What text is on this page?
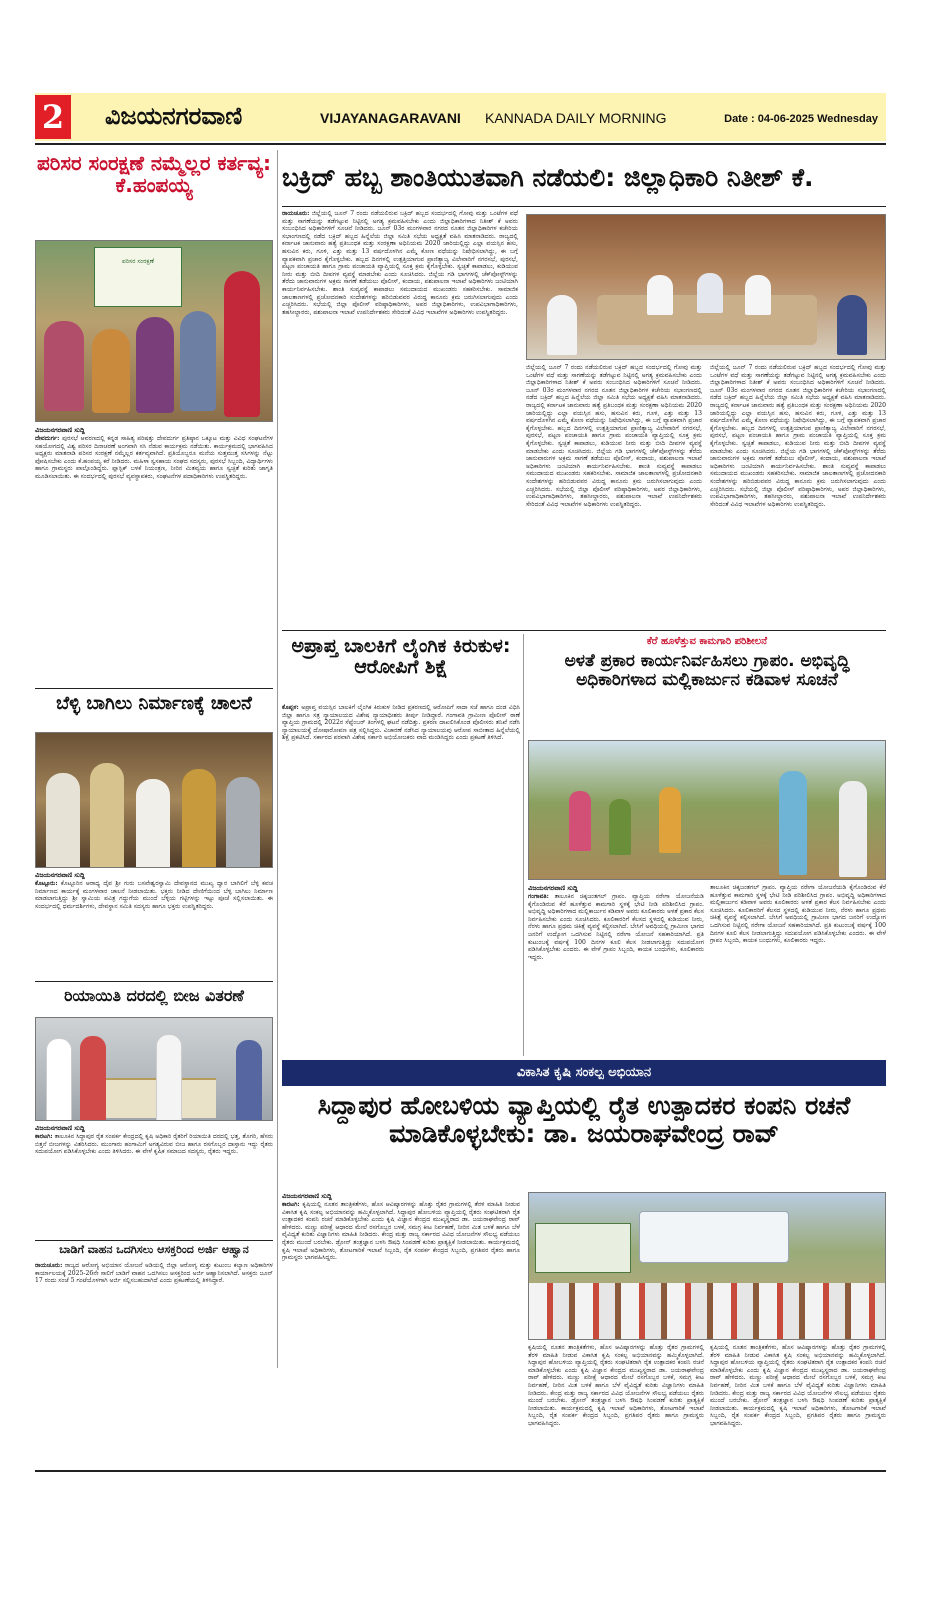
2 ವಿಜಯನಗರವಾಣಿ	VIJAYANAGARAVANI KANNADA DAILY MORNING	Date : 04-06-2025 Wednesday
ಪರಿಸರ ಸಂರಕ್ಷಣೆ ನಮ್ಮೆಲ್ಲರ ಕರ್ತವ್ಯ: ಕೆ.ಹಂಪಯ್ಯ
ಪರಿಸರ ಸಂರಕ್ಷಣೆ
ವಿಜಯನಗರವಾಣಿ ಸುದ್ದಿ
ದೇವದುರ್ಗ: ಪುರಸಭೆ ಆವರಣದಲ್ಲಿ ಕನ್ನಡ ಸಾಹಿತ್ಯ ಪರಿಷತ್ತು ದೇವದುರ್ಗ ಪ್ರತಿಷ್ಠಾನ ಒಕ್ಕೂಟ ಮತ್ತು ವಿವಿಧ ಸಂಘಟನೆಗಳ ಸಹಯೋಗದಲ್ಲಿ ವಿಶ್ವ ಪರಿಸರ ದಿನಾಚರಣೆ ಅಂಗವಾಗಿ ಸಸಿ ನೆಡುವ ಕಾರ್ಯಕ್ರಮ ನಡೆಯಿತು. ಕಾರ್ಯಕ್ರಮದಲ್ಲಿ ಭಾಗವಹಿಸಿದ ಅಧ್ಯಕ್ಷರು ಮಾತನಾಡಿ ಪರಿಸರ ಸಂರಕ್ಷಣೆ ನಮ್ಮೆಲ್ಲರ ಕರ್ತವ್ಯವಾಗಿದೆ. ಪ್ರತಿಯೊಬ್ಬರೂ ಮನೆಯ ಸುತ್ತಮುತ್ತ ಸಸಿಗಳನ್ನು ನೆಟ್ಟು ಪೋಷಿಸಬೇಕು ಎಂದು ಕೆ.ಹಂಪಯ್ಯ ಕರೆ ನೀಡಿದರು. ಮಹಿಳಾ ಸ್ವಸಹಾಯ ಸಂಘದ ಸದಸ್ಯರು, ಪುರಸಭೆ ಸಿಬ್ಬಂದಿ, ವಿದ್ಯಾರ್ಥಿಗಳು ಹಾಗೂ ಗ್ರಾಮಸ್ಥರು ಪಾಲ್ಗೊಂಡಿದ್ದರು. ಪ್ಲಾಸ್ಟಿಕ್ ಬಳಕೆ ನಿಯಂತ್ರಣ, ನೀರಿನ ಮಿತವ್ಯಯ ಹಾಗೂ ಸ್ವಚ್ಛತೆ ಕುರಿತು ಜಾಗೃತಿ ಮೂಡಿಸಲಾಯಿತು. ಈ ಸಂದರ್ಭದಲ್ಲಿ ಪುರಸಭೆ ವ್ಯವಸ್ಥಾಪಕರು, ಸಂಘಟನೆಗಳ ಪದಾಧಿಕಾರಿಗಳು ಉಪಸ್ಥಿತರಿದ್ದರು.
ಬೆಳ್ಳಿ ಬಾಗಿಲು ನಿರ್ಮಾಣಕ್ಕೆ ಚಾಲನೆ
ವಿಜಯನಗರವಾಣಿ ಸುದ್ದಿ
ಕೊಟ್ಟೂರು: ಕೊಟ್ಟೂರಿನ ಆರಾಧ್ಯ ದೈವ ಶ್ರೀ ಗುರು ಬಸವೇಶ್ವರಸ್ವಾಮಿ ದೇವಸ್ಥಾನದ ಮುಖ್ಯ ದ್ವಾರ ಬಾಗಿಲಿಗೆ ಬೆಳ್ಳಿ ಕವಚ ನಿರ್ಮಾಣದ ಕಾರ್ಯಕ್ಕೆ ಮಂಗಳವಾರ ಚಾಲನೆ ನೀಡಲಾಯಿತು. ಭಕ್ತರು ನೀಡಿದ ದೇಣಿಗೆಯಿಂದ ಬೆಳ್ಳಿ ಬಾಗಿಲು ನಿರ್ಮಾಣ ಮಾಡಲಾಗುತ್ತಿದ್ದು ಶ್ರೀ ಸ್ವಾಮಿಯ ಪವಿತ್ರ ಗದ್ದುಗೆಯ ಮುಂದೆ ಬೆಳ್ಳಿಯ ಗಟ್ಟಿಗಳನ್ನು ಇಟ್ಟು ಪೂಜೆ ಸಲ್ಲಿಸಲಾಯಿತು. ಈ ಸಂದರ್ಭದಲ್ಲಿ ಧರ್ಮದರ್ಶಿಗಳು, ದೇವಸ್ಥಾನ ಸಮಿತಿ ಸದಸ್ಯರು ಹಾಗೂ ಭಕ್ತರು ಉಪಸ್ಥಿತರಿದ್ದರು.
ರಿಯಾಯಿತಿ ದರದಲ್ಲಿ ಬೀಜ ವಿತರಣೆ
ವಿಜಯನಗರವಾಣಿ ಸುದ್ದಿ
ಕಾರಟಗಿ: ತಾಲೂಕಿನ ಸಿದ್ದಾಪುರ ರೈತ ಸಂಪರ್ಕ ಕೇಂದ್ರದಲ್ಲಿ ಕೃಷಿ ಅಧಿಕಾರಿ ರೈತರಿಗೆ ರಿಯಾಯಿತಿ ದರದಲ್ಲಿ ಭತ್ತ, ತೊಗರಿ, ಹೆಸರು ಬಿತ್ತನೆ ಬೀಜಗಳನ್ನು ವಿತರಿಸಿದರು. ಮುಂಗಾರು ಹಂಗಾಮಿಗೆ ಅಗತ್ಯವಿರುವ ಬೀಜ ಹಾಗೂ ರಸಗೊಬ್ಬರ ದಾಸ್ತಾನು ಇದ್ದು ರೈತರು ಸದುಪಯೋಗ ಪಡಿಸಿಕೊಳ್ಳಬೇಕು ಎಂದು ತಿಳಿಸಿದರು. ಈ ವೇಳೆ ಕೃಷಿಕ ಸಮಾಜದ ಸದಸ್ಯರು, ರೈತರು ಇದ್ದರು.
ಬಾಡಿಗೆ ವಾಹನ ಒದಗಿಸಲು ಆಸಕ್ತರಿಂದ ಅರ್ಜಿ ಆಹ್ವಾನ
ರಾಯಚೂರು: ರಾಜ್ಯದ ಆರೋಗ್ಯ ಅಭಿಯಾನ ಯೋಜನೆ ಅಡಿಯಲ್ಲಿ ಜಿಲ್ಲಾ ಆರೋಗ್ಯ ಮತ್ತು ಕುಟುಂಬ ಕಲ್ಯಾಣ ಅಧಿಕಾರಿಗಳ ಕಾರ್ಯಾಲಯಕ್ಕೆ 2025-26ನೇ ಸಾಲಿಗೆ ಬಾಡಿಗೆ ವಾಹನ ಒದಗಿಸಲು ಆಸಕ್ತರಿಂದ ಅರ್ಜಿ ಆಹ್ವಾನಿಸಲಾಗಿದೆ. ಆಸಕ್ತರು ಜೂನ್ 17 ರಂದು ಸಂಜೆ 5 ಗಂಟೆಯೊಳಗಾಗಿ ಅರ್ಜಿ ಸಲ್ಲಿಸಬಹುದಾಗಿದೆ ಎಂದು ಪ್ರಕಟಣೆಯಲ್ಲಿ ತಿಳಿಸಿದ್ದಾರೆ.
ಬಕ್ರಿದ್ ಹಬ್ಬ ಶಾಂತಿಯುತವಾಗಿ ನಡೆಯಲಿ: ಜಿಲ್ಲಾಧಿಕಾರಿ ನಿತೀಶ್ ಕೆ.
ರಾಯಚೂರು: ಜಿಲ್ಲೆಯಲ್ಲಿ ಜೂನ್ 7 ರಂದು ನಡೆಯಲಿರುವ ಬಕ್ರಿದ್ ಹಬ್ಬದ ಸಂದರ್ಭದಲ್ಲಿ ಗೋವು ಮತ್ತು ಒಂಟೆಗಳ ವಧೆ ಮತ್ತು ಸಾಗಣೆಯನ್ನು ತಡೆಗಟ್ಟುವ ನಿಟ್ಟಿನಲ್ಲಿ ಅಗತ್ಯ ಕ್ರಮವಹಿಸಬೇಕು ಎಂದು ಜಿಲ್ಲಾಧಿಕಾರಿಗಳಾದ ನಿತೀಶ್ ಕೆ ಅವರು ಸಂಬಂಧಿಸಿದ ಅಧಿಕಾರಿಗಳಿಗೆ ಸೂಚನೆ ನೀಡಿದರು. ಜೂನ್ 03ರ ಮಂಗಳವಾರ ನಗರದ ನೂತನ ಜಿಲ್ಲಾಧಿಕಾರಿಗಳ ಕಚೇರಿಯ ಸಭಾಂಗಣದಲ್ಲಿ ನಡೆದ ಬಕ್ರಿದ್ ಹಬ್ಬದ ಹಿನ್ನೆಲೆಯ ಜಿಲ್ಲಾ ಸಮಿತಿ ಸಭೆಯ ಅಧ್ಯಕ್ಷತೆ ವಹಿಸಿ ಮಾತನಾಡಿದರು. ರಾಜ್ಯದಲ್ಲಿ ಕರ್ನಾಟಕ ಜಾನುವಾರು ಹತ್ಯೆ ಪ್ರತಿಬಂಧಕ ಮತ್ತು ಸಂರಕ್ಷಣಾ ಅಧಿನಿಯಮ 2020 ಜಾರಿಯಲ್ಲಿದ್ದು ಎಲ್ಲಾ ವಯಸ್ಸಿನ ಹಸು, ಹಸುವಿನ ಕರು, ಗೂಳಿ, ಎತ್ತು ಮತ್ತು 13 ವರ್ಷದೊಳಗಿನ ಎಮ್ಮೆ ಕೋಣ ವಧೆಯನ್ನು ನಿಷೇಧಿಸಲಾಗಿದ್ದು, ಈ ಬಗ್ಗೆ ವ್ಯಾಪಕವಾಗಿ ಪ್ರಚಾರ ಕೈಗೊಳ್ಳಬೇಕು. ಹಬ್ಬದ ದಿನಗಳಲ್ಲಿ ಉತ್ಪತ್ತಿಯಾಗುವ ಪ್ರಾಣಿತ್ಯಾಜ್ಯ ವಿಲೇವಾರಿಗೆ ನಗರಸಭೆ, ಪುರಸಭೆ, ಪಟ್ಟಣ ಪಂಚಾಯತಿ ಹಾಗೂ ಗ್ರಾಮ ಪಂಚಾಯತಿ ವ್ಯಾಪ್ತಿಯಲ್ಲಿ ಸೂಕ್ತ ಕ್ರಮ ಕೈಗೊಳ್ಳಬೇಕು. ಸ್ವಚ್ಛತೆ ಕಾಪಾಡಲು, ಕುಡಿಯುವ ನೀರು ಮತ್ತು ಬೀದಿ ದೀಪಗಳ ವ್ಯವಸ್ಥೆ ಮಾಡಬೇಕು ಎಂದು ಸೂಚಿಸಿದರು. ಜಿಲ್ಲೆಯ ಗಡಿ ಭಾಗಗಳಲ್ಲಿ ಚೆಕ್‌ಪೋಸ್ಟ್‌ಗಳನ್ನು ತೆರೆದು ಜಾನುವಾರುಗಳ ಅಕ್ರಮ ಸಾಗಣೆ ತಡೆಯಲು ಪೊಲೀಸ್, ಕಂದಾಯ, ಪಶುಪಾಲನಾ ಇಲಾಖೆ ಅಧಿಕಾರಿಗಳು ಜಂಟಿಯಾಗಿ ಕಾರ್ಯನಿರ್ವಹಿಸಬೇಕು. ಶಾಂತಿ ಸುವ್ಯವಸ್ಥೆ ಕಾಪಾಡಲು ಸಮುದಾಯದ ಮುಖಂಡರು ಸಹಕರಿಸಬೇಕು. ಸಾಮಾಜಿಕ ಜಾಲತಾಣಗಳಲ್ಲಿ ಪ್ರಚೋದನಕಾರಿ ಸಂದೇಶಗಳನ್ನು ಹರಿಬಿಡುವವರ ವಿರುದ್ಧ ಕಾನೂನು ಕ್ರಮ ಜರುಗಿಸಲಾಗುವುದು ಎಂದು ಎಚ್ಚರಿಸಿದರು. ಸಭೆಯಲ್ಲಿ ಜಿಲ್ಲಾ ಪೊಲೀಸ್ ವರಿಷ್ಠಾಧಿಕಾರಿಗಳು, ಅಪರ ಜಿಲ್ಲಾಧಿಕಾರಿಗಳು, ಉಪವಿಭಾಗಾಧಿಕಾರಿಗಳು, ತಹಸೀಲ್ದಾರರು, ಪಶುಪಾಲನಾ ಇಲಾಖೆ ಉಪನಿರ್ದೇಶಕರು ಸೇರಿದಂತೆ ವಿವಿಧ ಇಲಾಖೆಗಳ ಅಧಿಕಾರಿಗಳು ಉಪಸ್ಥಿತರಿದ್ದರು.
ಜಿಲ್ಲೆಯಲ್ಲಿ ಜೂನ್ 7 ರಂದು ನಡೆಯಲಿರುವ ಬಕ್ರಿದ್ ಹಬ್ಬದ ಸಂದರ್ಭದಲ್ಲಿ ಗೋವು ಮತ್ತು ಒಂಟೆಗಳ ವಧೆ ಮತ್ತು ಸಾಗಣೆಯನ್ನು ತಡೆಗಟ್ಟುವ ನಿಟ್ಟಿನಲ್ಲಿ ಅಗತ್ಯ ಕ್ರಮವಹಿಸಬೇಕು ಎಂದು ಜಿಲ್ಲಾಧಿಕಾರಿಗಳಾದ ನಿತೀಶ್ ಕೆ ಅವರು ಸಂಬಂಧಿಸಿದ ಅಧಿಕಾರಿಗಳಿಗೆ ಸೂಚನೆ ನೀಡಿದರು. ಜೂನ್ 03ರ ಮಂಗಳವಾರ ನಗರದ ನೂತನ ಜಿಲ್ಲಾಧಿಕಾರಿಗಳ ಕಚೇರಿಯ ಸಭಾಂಗಣದಲ್ಲಿ ನಡೆದ ಬಕ್ರಿದ್ ಹಬ್ಬದ ಹಿನ್ನೆಲೆಯ ಜಿಲ್ಲಾ ಸಮಿತಿ ಸಭೆಯ ಅಧ್ಯಕ್ಷತೆ ವಹಿಸಿ ಮಾತನಾಡಿದರು. ರಾಜ್ಯದಲ್ಲಿ ಕರ್ನಾಟಕ ಜಾನುವಾರು ಹತ್ಯೆ ಪ್ರತಿಬಂಧಕ ಮತ್ತು ಸಂರಕ್ಷಣಾ ಅಧಿನಿಯಮ 2020 ಜಾರಿಯಲ್ಲಿದ್ದು ಎಲ್ಲಾ ವಯಸ್ಸಿನ ಹಸು, ಹಸುವಿನ ಕರು, ಗೂಳಿ, ಎತ್ತು ಮತ್ತು 13 ವರ್ಷದೊಳಗಿನ ಎಮ್ಮೆ ಕೋಣ ವಧೆಯನ್ನು ನಿಷೇಧಿಸಲಾಗಿದ್ದು, ಈ ಬಗ್ಗೆ ವ್ಯಾಪಕವಾಗಿ ಪ್ರಚಾರ ಕೈಗೊಳ್ಳಬೇಕು. ಹಬ್ಬದ ದಿನಗಳಲ್ಲಿ ಉತ್ಪತ್ತಿಯಾಗುವ ಪ್ರಾಣಿತ್ಯಾಜ್ಯ ವಿಲೇವಾರಿಗೆ ನಗರಸಭೆ, ಪುರಸಭೆ, ಪಟ್ಟಣ ಪಂಚಾಯತಿ ಹಾಗೂ ಗ್ರಾಮ ಪಂಚಾಯತಿ ವ್ಯಾಪ್ತಿಯಲ್ಲಿ ಸೂಕ್ತ ಕ್ರಮ ಕೈಗೊಳ್ಳಬೇಕು. ಸ್ವಚ್ಛತೆ ಕಾಪಾಡಲು, ಕುಡಿಯುವ ನೀರು ಮತ್ತು ಬೀದಿ ದೀಪಗಳ ವ್ಯವಸ್ಥೆ ಮಾಡಬೇಕು ಎಂದು ಸೂಚಿಸಿದರು. ಜಿಲ್ಲೆಯ ಗಡಿ ಭಾಗಗಳಲ್ಲಿ ಚೆಕ್‌ಪೋಸ್ಟ್‌ಗಳನ್ನು ತೆರೆದು ಜಾನುವಾರುಗಳ ಅಕ್ರಮ ಸಾಗಣೆ ತಡೆಯಲು ಪೊಲೀಸ್, ಕಂದಾಯ, ಪಶುಪಾಲನಾ ಇಲಾಖೆ ಅಧಿಕಾರಿಗಳು ಜಂಟಿಯಾಗಿ ಕಾರ್ಯನಿರ್ವಹಿಸಬೇಕು. ಶಾಂತಿ ಸುವ್ಯವಸ್ಥೆ ಕಾಪಾಡಲು ಸಮುದಾಯದ ಮುಖಂಡರು ಸಹಕರಿಸಬೇಕು. ಸಾಮಾಜಿಕ ಜಾಲತಾಣಗಳಲ್ಲಿ ಪ್ರಚೋದನಕಾರಿ ಸಂದೇಶಗಳನ್ನು ಹರಿಬಿಡುವವರ ವಿರುದ್ಧ ಕಾನೂನು ಕ್ರಮ ಜರುಗಿಸಲಾಗುವುದು ಎಂದು ಎಚ್ಚರಿಸಿದರು. ಸಭೆಯಲ್ಲಿ ಜಿಲ್ಲಾ ಪೊಲೀಸ್ ವರಿಷ್ಠಾಧಿಕಾರಿಗಳು, ಅಪರ ಜಿಲ್ಲಾಧಿಕಾರಿಗಳು, ಉಪವಿಭಾಗಾಧಿಕಾರಿಗಳು, ತಹಸೀಲ್ದಾರರು, ಪಶುಪಾಲನಾ ಇಲಾಖೆ ಉಪನಿರ್ದೇಶಕರು ಸೇರಿದಂತೆ ವಿವಿಧ ಇಲಾಖೆಗಳ ಅಧಿಕಾರಿಗಳು ಉಪಸ್ಥಿತರಿದ್ದರು.
ಜಿಲ್ಲೆಯಲ್ಲಿ ಜೂನ್ 7 ರಂದು ನಡೆಯಲಿರುವ ಬಕ್ರಿದ್ ಹಬ್ಬದ ಸಂದರ್ಭದಲ್ಲಿ ಗೋವು ಮತ್ತು ಒಂಟೆಗಳ ವಧೆ ಮತ್ತು ಸಾಗಣೆಯನ್ನು ತಡೆಗಟ್ಟುವ ನಿಟ್ಟಿನಲ್ಲಿ ಅಗತ್ಯ ಕ್ರಮವಹಿಸಬೇಕು ಎಂದು ಜಿಲ್ಲಾಧಿಕಾರಿಗಳಾದ ನಿತೀಶ್ ಕೆ ಅವರು ಸಂಬಂಧಿಸಿದ ಅಧಿಕಾರಿಗಳಿಗೆ ಸೂಚನೆ ನೀಡಿದರು. ಜೂನ್ 03ರ ಮಂಗಳವಾರ ನಗರದ ನೂತನ ಜಿಲ್ಲಾಧಿಕಾರಿಗಳ ಕಚೇರಿಯ ಸಭಾಂಗಣದಲ್ಲಿ ನಡೆದ ಬಕ್ರಿದ್ ಹಬ್ಬದ ಹಿನ್ನೆಲೆಯ ಜಿಲ್ಲಾ ಸಮಿತಿ ಸಭೆಯ ಅಧ್ಯಕ್ಷತೆ ವಹಿಸಿ ಮಾತನಾಡಿದರು. ರಾಜ್ಯದಲ್ಲಿ ಕರ್ನಾಟಕ ಜಾನುವಾರು ಹತ್ಯೆ ಪ್ರತಿಬಂಧಕ ಮತ್ತು ಸಂರಕ್ಷಣಾ ಅಧಿನಿಯಮ 2020 ಜಾರಿಯಲ್ಲಿದ್ದು ಎಲ್ಲಾ ವಯಸ್ಸಿನ ಹಸು, ಹಸುವಿನ ಕರು, ಗೂಳಿ, ಎತ್ತು ಮತ್ತು 13 ವರ್ಷದೊಳಗಿನ ಎಮ್ಮೆ ಕೋಣ ವಧೆಯನ್ನು ನಿಷೇಧಿಸಲಾಗಿದ್ದು, ಈ ಬಗ್ಗೆ ವ್ಯಾಪಕವಾಗಿ ಪ್ರಚಾರ ಕೈಗೊಳ್ಳಬೇಕು. ಹಬ್ಬದ ದಿನಗಳಲ್ಲಿ ಉತ್ಪತ್ತಿಯಾಗುವ ಪ್ರಾಣಿತ್ಯಾಜ್ಯ ವಿಲೇವಾರಿಗೆ ನಗರಸಭೆ, ಪುರಸಭೆ, ಪಟ್ಟಣ ಪಂಚಾಯತಿ ಹಾಗೂ ಗ್ರಾಮ ಪಂಚಾಯತಿ ವ್ಯಾಪ್ತಿಯಲ್ಲಿ ಸೂಕ್ತ ಕ್ರಮ ಕೈಗೊಳ್ಳಬೇಕು. ಸ್ವಚ್ಛತೆ ಕಾಪಾಡಲು, ಕುಡಿಯುವ ನೀರು ಮತ್ತು ಬೀದಿ ದೀಪಗಳ ವ್ಯವಸ್ಥೆ ಮಾಡಬೇಕು ಎಂದು ಸೂಚಿಸಿದರು. ಜಿಲ್ಲೆಯ ಗಡಿ ಭಾಗಗಳಲ್ಲಿ ಚೆಕ್‌ಪೋಸ್ಟ್‌ಗಳನ್ನು ತೆರೆದು ಜಾನುವಾರುಗಳ ಅಕ್ರಮ ಸಾಗಣೆ ತಡೆಯಲು ಪೊಲೀಸ್, ಕಂದಾಯ, ಪಶುಪಾಲನಾ ಇಲಾಖೆ ಅಧಿಕಾರಿಗಳು ಜಂಟಿಯಾಗಿ ಕಾರ್ಯನಿರ್ವಹಿಸಬೇಕು. ಶಾಂತಿ ಸುವ್ಯವಸ್ಥೆ ಕಾಪಾಡಲು ಸಮುದಾಯದ ಮುಖಂಡರು ಸಹಕರಿಸಬೇಕು. ಸಾಮಾಜಿಕ ಜಾಲತಾಣಗಳಲ್ಲಿ ಪ್ರಚೋದನಕಾರಿ ಸಂದೇಶಗಳನ್ನು ಹರಿಬಿಡುವವರ ವಿರುದ್ಧ ಕಾನೂನು ಕ್ರಮ ಜರುಗಿಸಲಾಗುವುದು ಎಂದು ಎಚ್ಚರಿಸಿದರು. ಸಭೆಯಲ್ಲಿ ಜಿಲ್ಲಾ ಪೊಲೀಸ್ ವರಿಷ್ಠಾಧಿಕಾರಿಗಳು, ಅಪರ ಜಿಲ್ಲಾಧಿಕಾರಿಗಳು, ಉಪವಿಭಾಗಾಧಿಕಾರಿಗಳು, ತಹಸೀಲ್ದಾರರು, ಪಶುಪಾಲನಾ ಇಲಾಖೆ ಉಪನಿರ್ದೇಶಕರು ಸೇರಿದಂತೆ ವಿವಿಧ ಇಲಾಖೆಗಳ ಅಧಿಕಾರಿಗಳು ಉಪಸ್ಥಿತರಿದ್ದರು.
ಅಪ್ರಾಪ್ತ ಬಾಲಕಿಗೆ ಲೈಂಗಿಕ ಕಿರುಕುಳ: ಆರೋಪಿಗೆ ಶಿಕ್ಷೆ
ಕೊಪ್ಪಳ: ಅಪ್ರಾಪ್ತ ವಯಸ್ಸಿನ ಬಾಲಕಿಗೆ ಲೈಂಗಿಕ ಕಿರುಕುಳ ನೀಡಿದ ಪ್ರಕರಣದಲ್ಲಿ ಆರೋಪಿಗೆ ಸಾದಾ ಸಜೆ ಹಾಗೂ ದಂಡ ವಿಧಿಸಿ ಜಿಲ್ಲಾ ಹಾಗೂ ಸತ್ರ ನ್ಯಾಯಾಲಯದ ವಿಶೇಷ ನ್ಯಾಯಾಧೀಶರು ತೀರ್ಪು ನೀಡಿದ್ದಾರೆ. ಗಂಗಾವತಿ ಗ್ರಾಮೀಣ ಪೊಲೀಸ್ ಠಾಣೆ ವ್ಯಾಪ್ತಿಯ ಗ್ರಾಮದಲ್ಲಿ 2022ರ ಸೆಪ್ಟೆಂಬರ್ ತಿಂಗಳಲ್ಲಿ ಘಟನೆ ನಡೆದಿತ್ತು. ಪ್ರಕರಣ ದಾಖಲಿಸಿಕೊಂಡ ಪೊಲೀಸರು ತನಿಖೆ ನಡೆಸಿ ನ್ಯಾಯಾಲಯಕ್ಕೆ ದೋಷಾರೋಪಣ ಪತ್ರ ಸಲ್ಲಿಸಿದ್ದರು. ವಿಚಾರಣೆ ನಡೆಸಿದ ನ್ಯಾಯಾಲಯವು ಆರೋಪ ಸಾಬೀತಾದ ಹಿನ್ನೆಲೆಯಲ್ಲಿ ಶಿಕ್ಷೆ ಪ್ರಕಟಿಸಿದೆ. ಸರ್ಕಾರದ ಪರವಾಗಿ ವಿಶೇಷ ಸರ್ಕಾರಿ ಅಭಿಯೋಜಕರು ವಾದ ಮಂಡಿಸಿದ್ದರು ಎಂದು ಪ್ರಕಟಣೆ ತಿಳಿಸಿದೆ.
ಕೆರೆ ಹೂಳೆತ್ತುವ ಕಾಮಗಾರಿ ಪರಿಶೀಲನೆ
ಅಳತೆ ಪ್ರಕಾರ ಕಾರ್ಯನಿರ್ವಹಿಸಲು ಗ್ರಾಪಂ. ಅಭಿವೃದ್ಧಿ ಅಧಿಕಾರಿಗಳಾದ ಮಲ್ಲಿಕಾರ್ಜುನ ಕಡಿವಾಳ ಸೂಚನೆ
ವಿಜಯನಗರವಾಣಿ ಸುದ್ದಿ
ಗಂಗಾವತಿ: ತಾಲೂಕಿನ ಚಿಕ್ಕಜಂತಗಲ್ ಗ್ರಾಪಂ. ವ್ಯಾಪ್ತಿಯ ನರೇಗಾ ಯೋಜನೆಯಡಿ ಕೈಗೊಂಡಿರುವ ಕೆರೆ ಹೂಳೆತ್ತುವ ಕಾಮಗಾರಿ ಸ್ಥಳಕ್ಕೆ ಭೇಟಿ ನೀಡಿ ಪರಿಶೀಲಿಸಿದ ಗ್ರಾಪಂ. ಅಭಿವೃದ್ಧಿ ಅಧಿಕಾರಿಗಳಾದ ಮಲ್ಲಿಕಾರ್ಜುನ ಕಡಿವಾಳ ಅವರು ಕೂಲಿಕಾರರು ಅಳತೆ ಪ್ರಕಾರ ಕೆಲಸ ನಿರ್ವಹಿಸಬೇಕು ಎಂದು ಸೂಚಿಸಿದರು. ಕೂಲಿಕಾರರಿಗೆ ಕೆಲಸದ ಸ್ಥಳದಲ್ಲಿ ಕುಡಿಯುವ ನೀರು, ನೆರಳು ಹಾಗೂ ಪ್ರಥಮ ಚಿಕಿತ್ಸೆ ವ್ಯವಸ್ಥೆ ಕಲ್ಪಿಸಲಾಗಿದೆ. ಬೇಸಿಗೆ ಅವಧಿಯಲ್ಲಿ ಗ್ರಾಮೀಣ ಭಾಗದ ಜನರಿಗೆ ಉದ್ಯೋಗ ಒದಗಿಸುವ ನಿಟ್ಟಿನಲ್ಲಿ ನರೇಗಾ ಯೋಜನೆ ಸಹಕಾರಿಯಾಗಿದೆ. ಪ್ರತಿ ಕುಟುಂಬಕ್ಕೆ ವರ್ಷಕ್ಕೆ 100 ದಿನಗಳ ಕೂಲಿ ಕೆಲಸ ನೀಡಲಾಗುತ್ತಿದ್ದು ಸದುಪಯೋಗ ಪಡಿಸಿಕೊಳ್ಳಬೇಕು ಎಂದರು. ಈ ವೇಳೆ ಗ್ರಾಪಂ ಸಿಬ್ಬಂದಿ, ಕಾಯಕ ಬಂಧುಗಳು, ಕೂಲಿಕಾರರು ಇದ್ದರು.
ತಾಲೂಕಿನ ಚಿಕ್ಕಜಂತಗಲ್ ಗ್ರಾಪಂ. ವ್ಯಾಪ್ತಿಯ ನರೇಗಾ ಯೋಜನೆಯಡಿ ಕೈಗೊಂಡಿರುವ ಕೆರೆ ಹೂಳೆತ್ತುವ ಕಾಮಗಾರಿ ಸ್ಥಳಕ್ಕೆ ಭೇಟಿ ನೀಡಿ ಪರಿಶೀಲಿಸಿದ ಗ್ರಾಪಂ. ಅಭಿವೃದ್ಧಿ ಅಧಿಕಾರಿಗಳಾದ ಮಲ್ಲಿಕಾರ್ಜುನ ಕಡಿವಾಳ ಅವರು ಕೂಲಿಕಾರರು ಅಳತೆ ಪ್ರಕಾರ ಕೆಲಸ ನಿರ್ವಹಿಸಬೇಕು ಎಂದು ಸೂಚಿಸಿದರು. ಕೂಲಿಕಾರರಿಗೆ ಕೆಲಸದ ಸ್ಥಳದಲ್ಲಿ ಕುಡಿಯುವ ನೀರು, ನೆರಳು ಹಾಗೂ ಪ್ರಥಮ ಚಿಕಿತ್ಸೆ ವ್ಯವಸ್ಥೆ ಕಲ್ಪಿಸಲಾಗಿದೆ. ಬೇಸಿಗೆ ಅವಧಿಯಲ್ಲಿ ಗ್ರಾಮೀಣ ಭಾಗದ ಜನರಿಗೆ ಉದ್ಯೋಗ ಒದಗಿಸುವ ನಿಟ್ಟಿನಲ್ಲಿ ನರೇಗಾ ಯೋಜನೆ ಸಹಕಾರಿಯಾಗಿದೆ. ಪ್ರತಿ ಕುಟುಂಬಕ್ಕೆ ವರ್ಷಕ್ಕೆ 100 ದಿನಗಳ ಕೂಲಿ ಕೆಲಸ ನೀಡಲಾಗುತ್ತಿದ್ದು ಸದುಪಯೋಗ ಪಡಿಸಿಕೊಳ್ಳಬೇಕು ಎಂದರು. ಈ ವೇಳೆ ಗ್ರಾಪಂ ಸಿಬ್ಬಂದಿ, ಕಾಯಕ ಬಂಧುಗಳು, ಕೂಲಿಕಾರರು ಇದ್ದರು.
ವಿಕಾಸಿತ ಕೃಷಿ ಸಂಕಲ್ಪ ಅಭಿಯಾನ
ಸಿದ್ದಾಪುರ ಹೋಬಳಿಯ ವ್ಯಾಪ್ತಿಯಲ್ಲಿ ರೈತ ಉತ್ಪಾದಕರ ಕಂಪನಿ ರಚನೆ ಮಾಡಿಕೊಳ್ಳಬೇಕು: ಡಾ. ಜಯರಾಘವೇಂದ್ರ ರಾವ್
ವಿಜಯನಗರವಾಣಿ ಸುದ್ದಿ
ಕಾರಟಗಿ: ಕೃಷಿಯಲ್ಲಿ ನೂತನ ತಾಂತ್ರಿಕತೆಗಳು, ಹೊಸ ಆವಿಷ್ಕಾರಗಳನ್ನು ಹೊತ್ತು ರೈತರ ಗ್ರಾಮಗಳಲ್ಲಿ ತೆರಳಿ ಮಾಹಿತಿ ನೀಡುವ ವಿಕಾಸಿತ ಕೃಷಿ ಸಂಕಲ್ಪ ಅಭಿಯಾನವನ್ನು ಹಮ್ಮಿಕೊಳ್ಳಲಾಗಿದೆ. ಸಿದ್ದಾಪುರ ಹೋಬಳಿಯ ವ್ಯಾಪ್ತಿಯಲ್ಲಿ ರೈತರು ಸಂಘಟಿತರಾಗಿ ರೈತ ಉತ್ಪಾದಕರ ಕಂಪನಿ ರಚನೆ ಮಾಡಿಕೊಳ್ಳಬೇಕು ಎಂದು ಕೃಷಿ ವಿಜ್ಞಾನ ಕೇಂದ್ರದ ಮುಖ್ಯಸ್ಥರಾದ ಡಾ. ಜಯರಾಘವೇಂದ್ರ ರಾವ್ ಹೇಳಿದರು. ಮಣ್ಣು ಪರೀಕ್ಷೆ ಆಧಾರದ ಮೇಲೆ ರಸಗೊಬ್ಬರ ಬಳಕೆ, ಸಮಗ್ರ ಕೀಟ ನಿರ್ವಹಣೆ, ನೀರಿನ ಮಿತ ಬಳಕೆ ಹಾಗೂ ಬೆಳೆ ವೈವಿಧ್ಯತೆ ಕುರಿತು ವಿಜ್ಞಾನಿಗಳು ಮಾಹಿತಿ ನೀಡಿದರು. ಕೇಂದ್ರ ಮತ್ತು ರಾಜ್ಯ ಸರ್ಕಾರದ ವಿವಿಧ ಯೋಜನೆಗಳ ಸೌಲಭ್ಯ ಪಡೆಯಲು ರೈತರು ಮುಂದೆ ಬರಬೇಕು. ಡ್ರೋನ್ ತಂತ್ರಜ್ಞಾನ ಬಳಸಿ ಔಷಧಿ ಸಿಂಪಡಣೆ ಕುರಿತು ಪ್ರಾತ್ಯಕ್ಷಿಕೆ ನೀಡಲಾಯಿತು. ಕಾರ್ಯಕ್ರಮದಲ್ಲಿ ಕೃಷಿ ಇಲಾಖೆ ಅಧಿಕಾರಿಗಳು, ತೋಟಗಾರಿಕೆ ಇಲಾಖೆ ಸಿಬ್ಬಂದಿ, ರೈತ ಸಂಪರ್ಕ ಕೇಂದ್ರದ ಸಿಬ್ಬಂದಿ, ಪ್ರಗತಿಪರ ರೈತರು ಹಾಗೂ ಗ್ರಾಮಸ್ಥರು ಭಾಗವಹಿಸಿದ್ದರು.
ಕೃಷಿಯಲ್ಲಿ ನೂತನ ತಾಂತ್ರಿಕತೆಗಳು, ಹೊಸ ಆವಿಷ್ಕಾರಗಳನ್ನು ಹೊತ್ತು ರೈತರ ಗ್ರಾಮಗಳಲ್ಲಿ ತೆರಳಿ ಮಾಹಿತಿ ನೀಡುವ ವಿಕಾಸಿತ ಕೃಷಿ ಸಂಕಲ್ಪ ಅಭಿಯಾನವನ್ನು ಹಮ್ಮಿಕೊಳ್ಳಲಾಗಿದೆ. ಸಿದ್ದಾಪುರ ಹೋಬಳಿಯ ವ್ಯಾಪ್ತಿಯಲ್ಲಿ ರೈತರು ಸಂಘಟಿತರಾಗಿ ರೈತ ಉತ್ಪಾದಕರ ಕಂಪನಿ ರಚನೆ ಮಾಡಿಕೊಳ್ಳಬೇಕು ಎಂದು ಕೃಷಿ ವಿಜ್ಞಾನ ಕೇಂದ್ರದ ಮುಖ್ಯಸ್ಥರಾದ ಡಾ. ಜಯರಾಘವೇಂದ್ರ ರಾವ್ ಹೇಳಿದರು. ಮಣ್ಣು ಪರೀಕ್ಷೆ ಆಧಾರದ ಮೇಲೆ ರಸಗೊಬ್ಬರ ಬಳಕೆ, ಸಮಗ್ರ ಕೀಟ ನಿರ್ವಹಣೆ, ನೀರಿನ ಮಿತ ಬಳಕೆ ಹಾಗೂ ಬೆಳೆ ವೈವಿಧ್ಯತೆ ಕುರಿತು ವಿಜ್ಞಾನಿಗಳು ಮಾಹಿತಿ ನೀಡಿದರು. ಕೇಂದ್ರ ಮತ್ತು ರಾಜ್ಯ ಸರ್ಕಾರದ ವಿವಿಧ ಯೋಜನೆಗಳ ಸೌಲಭ್ಯ ಪಡೆಯಲು ರೈತರು ಮುಂದೆ ಬರಬೇಕು. ಡ್ರೋನ್ ತಂತ್ರಜ್ಞಾನ ಬಳಸಿ ಔಷಧಿ ಸಿಂಪಡಣೆ ಕುರಿತು ಪ್ರಾತ್ಯಕ್ಷಿಕೆ ನೀಡಲಾಯಿತು. ಕಾರ್ಯಕ್ರಮದಲ್ಲಿ ಕೃಷಿ ಇಲಾಖೆ ಅಧಿಕಾರಿಗಳು, ತೋಟಗಾರಿಕೆ ಇಲಾಖೆ ಸಿಬ್ಬಂದಿ, ರೈತ ಸಂಪರ್ಕ ಕೇಂದ್ರದ ಸಿಬ್ಬಂದಿ, ಪ್ರಗತಿಪರ ರೈತರು ಹಾಗೂ ಗ್ರಾಮಸ್ಥರು ಭಾಗವಹಿಸಿದ್ದರು.
ಕೃಷಿಯಲ್ಲಿ ನೂತನ ತಾಂತ್ರಿಕತೆಗಳು, ಹೊಸ ಆವಿಷ್ಕಾರಗಳನ್ನು ಹೊತ್ತು ರೈತರ ಗ್ರಾಮಗಳಲ್ಲಿ ತೆರಳಿ ಮಾಹಿತಿ ನೀಡುವ ವಿಕಾಸಿತ ಕೃಷಿ ಸಂಕಲ್ಪ ಅಭಿಯಾನವನ್ನು ಹಮ್ಮಿಕೊಳ್ಳಲಾಗಿದೆ. ಸಿದ್ದಾಪುರ ಹೋಬಳಿಯ ವ್ಯಾಪ್ತಿಯಲ್ಲಿ ರೈತರು ಸಂಘಟಿತರಾಗಿ ರೈತ ಉತ್ಪಾದಕರ ಕಂಪನಿ ರಚನೆ ಮಾಡಿಕೊಳ್ಳಬೇಕು ಎಂದು ಕೃಷಿ ವಿಜ್ಞಾನ ಕೇಂದ್ರದ ಮುಖ್ಯಸ್ಥರಾದ ಡಾ. ಜಯರಾಘವೇಂದ್ರ ರಾವ್ ಹೇಳಿದರು. ಮಣ್ಣು ಪರೀಕ್ಷೆ ಆಧಾರದ ಮೇಲೆ ರಸಗೊಬ್ಬರ ಬಳಕೆ, ಸಮಗ್ರ ಕೀಟ ನಿರ್ವಹಣೆ, ನೀರಿನ ಮಿತ ಬಳಕೆ ಹಾಗೂ ಬೆಳೆ ವೈವಿಧ್ಯತೆ ಕುರಿತು ವಿಜ್ಞಾನಿಗಳು ಮಾಹಿತಿ ನೀಡಿದರು. ಕೇಂದ್ರ ಮತ್ತು ರಾಜ್ಯ ಸರ್ಕಾರದ ವಿವಿಧ ಯೋಜನೆಗಳ ಸೌಲಭ್ಯ ಪಡೆಯಲು ರೈತರು ಮುಂದೆ ಬರಬೇಕು. ಡ್ರೋನ್ ತಂತ್ರಜ್ಞಾನ ಬಳಸಿ ಔಷಧಿ ಸಿಂಪಡಣೆ ಕುರಿತು ಪ್ರಾತ್ಯಕ್ಷಿಕೆ ನೀಡಲಾಯಿತು. ಕಾರ್ಯಕ್ರಮದಲ್ಲಿ ಕೃಷಿ ಇಲಾಖೆ ಅಧಿಕಾರಿಗಳು, ತೋಟಗಾರಿಕೆ ಇಲಾಖೆ ಸಿಬ್ಬಂದಿ, ರೈತ ಸಂಪರ್ಕ ಕೇಂದ್ರದ ಸಿಬ್ಬಂದಿ, ಪ್ರಗತಿಪರ ರೈತರು ಹಾಗೂ ಗ್ರಾಮಸ್ಥರು ಭಾಗವಹಿಸಿದ್ದರು.
